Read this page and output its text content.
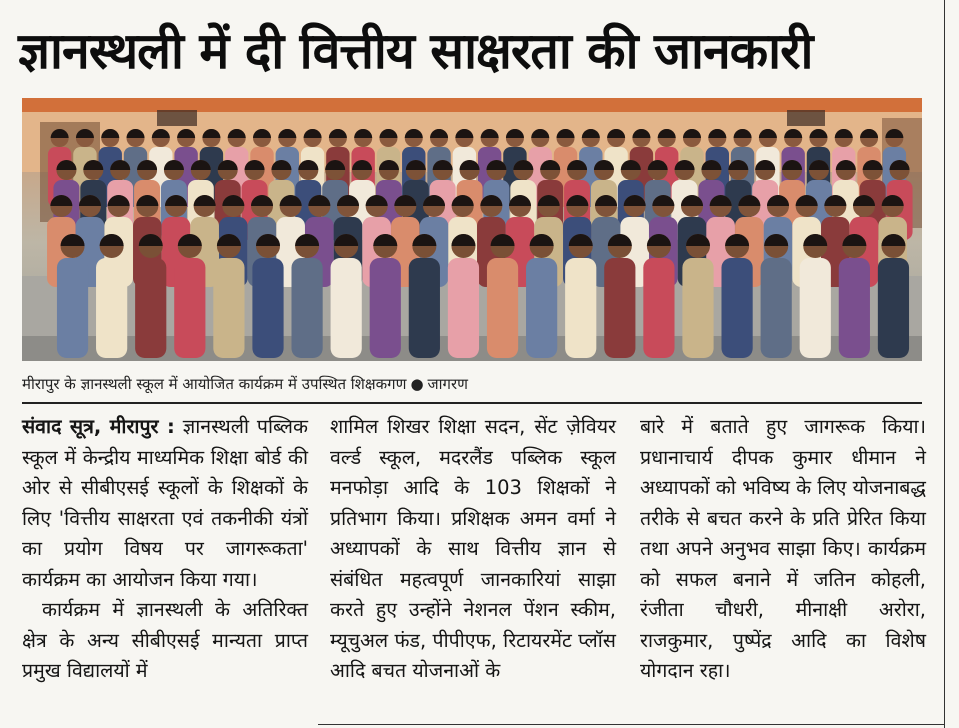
ज्ञानस्थली में दी वित्तीय साक्षरता की जानकारी
मीरापुर के ज्ञानस्थली स्कूल में आयोजित कार्यक्रम में उपस्थित शिक्षकगण ● जागरण

संवाद सूत्र, मीरापुर : ज्ञानस्थली पब्लिक स्कूल में केन्द्रीय माध्यमिक शिक्षा बोर्ड की ओर से सीबीएसई स्कूलों के शिक्षकों के लिए 'वित्तीय साक्षरता एवं तकनीकी यंत्रों का प्रयोग विषय पर जागरूकता' कार्यक्रम का आयोजन किया गया।

कार्यक्रम में ज्ञानस्थली के अतिरिक्त क्षेत्र के अन्य सीबीएसई मान्यता प्राप्त प्रमुख विद्यालयों में

शामिल शिखर शिक्षा सदन, सेंट ज़ेवियर वर्ल्ड स्कूल, मदरलैंड पब्लिक स्कूल मनफोड़ा आदि के 103 शिक्षकों ने प्रतिभाग किया। प्रशिक्षक अमन वर्मा ने अध्यापकों के साथ वित्तीय ज्ञान से संबंधित महत्वपूर्ण जानकारियां साझा करते हुए उन्होंने नेशनल पेंशन स्कीम, म्यूचुअल फंड, पीपीएफ, रिटायरमेंट प्लॉस आदि बचत योजनाओं के

बारे में बताते हुए जागरूक किया। प्रधानाचार्य दीपक कुमार धीमान ने अध्यापकों को भविष्य के लिए योजनाबद्ध तरीके से बचत करने के प्रति प्रेरित किया तथा अपने अनुभव साझा किए। कार्यक्रम को सफल बनाने में जतिन कोहली, रंजीता चौधरी, मीनाक्षी अरोरा, राजकुमार, पुष्पेंद्र आदि का विशेष योगदान रहा।
